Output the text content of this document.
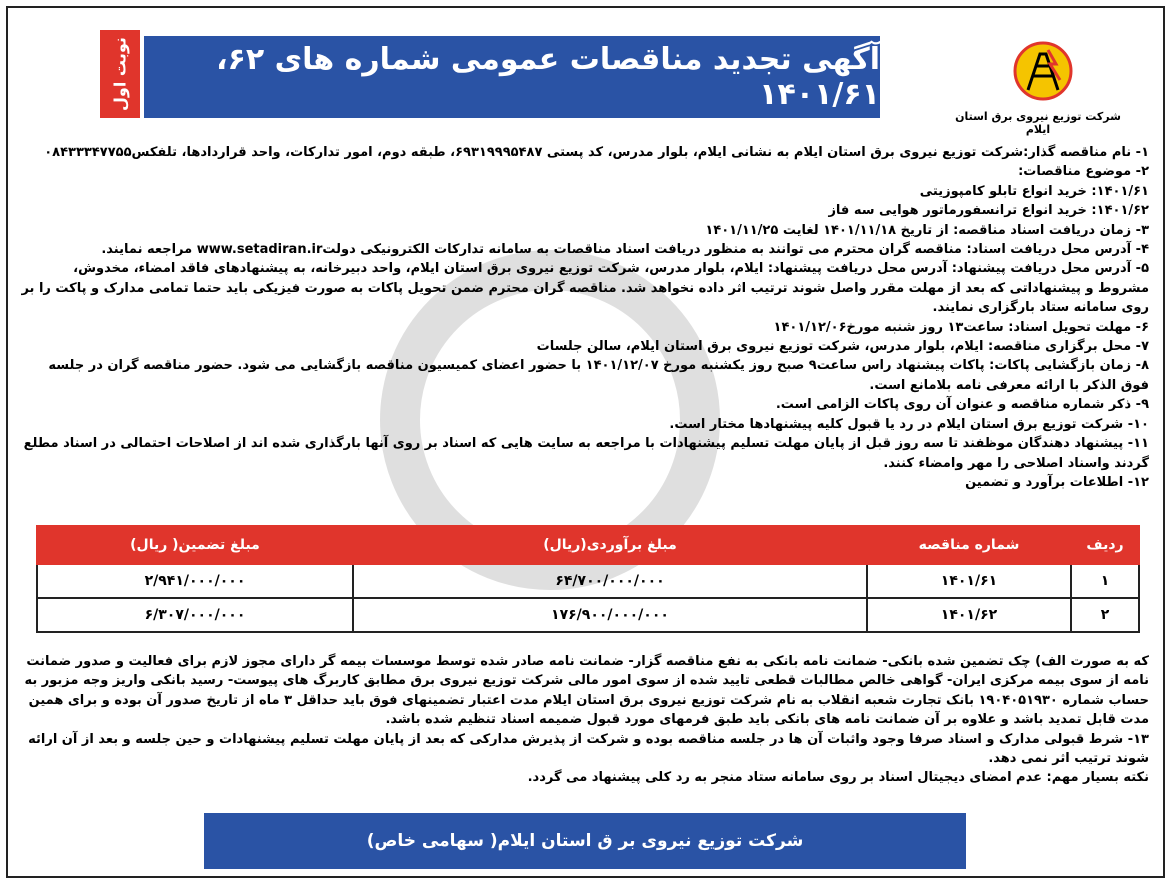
شرکت توزیع نیروی برق استان ایلام
آگهی تجدید مناقصات عمومی شماره های ۶۲، ۱۴۰۱/۶۱
نوبت اول
۱- نام مناقصه گذار:شرکت توزیع نیروی برق استان ایلام به نشانی ایلام، بلوار مدرس، کد پستی ۶۹۳۱۹۹۹۵۴۸۷، طبقه دوم، امور تدارکات، واحد قراردادها، تلفکس۰۸۴۳۳۳۴۷۷۵۵
۲- موضوع مناقصات:
۱۴۰۱/۶۱: خرید انواع تابلو کامپوزیتی
۱۴۰۱/۶۲: خرید انواع ترانسفورماتور هوایی سه فاز
۳- زمان دریافت اسناد مناقصه: از تاریخ ۱۴۰۱/۱۱/۱۸ لغایت ۱۴۰۱/۱۱/۲۵
۴- آدرس محل دریافت اسناد: مناقصه گران محترم می توانند به منظور دریافت اسناد مناقصات به سامانه تدارکات الکترونیکی دولتwww.setadiran.ir مراجعه نمایند.
۵- آدرس محل دریافت پیشنهاد: آدرس محل دریافت پیشنهاد: ایلام، بلوار مدرس، شرکت توزیع نیروی برق استان ایلام، واحد دبیرخانه، به پیشنهادهای فاقد امضاء، مخدوش، مشروط و پیشنهاداتی که بعد از مهلت مقرر واصل شوند ترتیب اثر داده نخواهد شد. مناقصه گران محترم ضمن تحویل پاکات به صورت فیزیکی باید حتما تمامی مدارک و پاکت را بر روی سامانه ستاد بارگزاری نمایند.
۶- مهلت تحویل اسناد: ساعت۱۳ روز شنبه مورخ۱۴۰۱/۱۲/۰۶
۷- محل برگزاری مناقصه: ایلام، بلوار مدرس، شرکت توزیع نیروی برق استان ایلام، سالن جلسات
۸- زمان بازگشایی پاکات: پاکات پیشنهاد راس ساعت۹ صبح روز یکشنبه مورخ ۱۴۰۱/۱۲/۰۷ با حضور اعضای کمیسیون مناقصه بازگشایی می شود. حضور مناقصه گران در جلسه فوق الذکر با ارائه معرفی نامه بلامانع است.
۹- ذکر شماره مناقصه و عنوان آن روی پاکات الزامی است.
۱۰- شرکت توزیع برق استان ایلام در رد یا قبول کلیه پیشنهادها مختار است.
۱۱- پیشنهاد دهندگان موظفند تا سه روز قبل از پایان مهلت تسلیم پیشنهادات با مراجعه به سایت هایی که اسناد بر روی آنها بارگذاری شده اند از اصلاحات احتمالی در اسناد مطلع گردند واسناد اصلاحی را مهر وامضاء کنند.
۱۲- اطلاعات برآورد و تضمین
ردیف	شماره مناقصه	مبلغ برآوردی(ریال)	مبلغ تضمین( ریال)
۱	۱۴۰۱/۶۱	۶۴/۷۰۰/۰۰۰/۰۰۰	۲/۹۴۱/۰۰۰/۰۰۰
۲	۱۴۰۱/۶۲	۱۷۶/۹۰۰/۰۰۰/۰۰۰	۶/۳۰۷/۰۰۰/۰۰۰
که به صورت الف) چک تضمین شده بانکی- ضمانت نامه بانکی به نفع مناقصه گزار- ضمانت نامه صادر شده توسط موسسات بیمه گر دارای مجوز لازم برای فعالیت و صدور ضمانت نامه از سوی بیمه مرکزی ایران- گواهی خالص مطالبات قطعی تایید شده از سوی امور مالی شرکت توزیع نیروی برق مطابق کاربرگ های پیوست- رسید بانکی واریز وجه مزبور به حساب شماره ۱۹۰۴۰۵۱۹۳۰ بانک تجارت شعبه انقلاب به نام شرکت توزیع نیروی برق استان ایلام مدت اعتبار تضمینهای فوق باید حداقل ۳ ماه از تاریخ صدور آن بوده و برای همین مدت قابل تمدید باشد و علاوه بر آن ضمانت نامه های بانکی باید طبق فرمهای مورد قبول ضمیمه اسناد تنظیم شده باشد.
۱۳- شرط قبولی مدارک و اسناد صرفا وجود واثبات آن ها در جلسه مناقصه بوده و شرکت از پذیرش مدارکی که بعد از پایان مهلت تسلیم پیشنهادات و حین جلسه و بعد از آن ارائه شوند ترتیب اثر نمی دهد.
نکته بسیار مهم: عدم امضای دیجیتال اسناد بر روی سامانه ستاد منجر به رد کلی پیشنهاد می گردد.
شرکت توزیع نیروی بر ق استان ایلام( سهامی خاص)
